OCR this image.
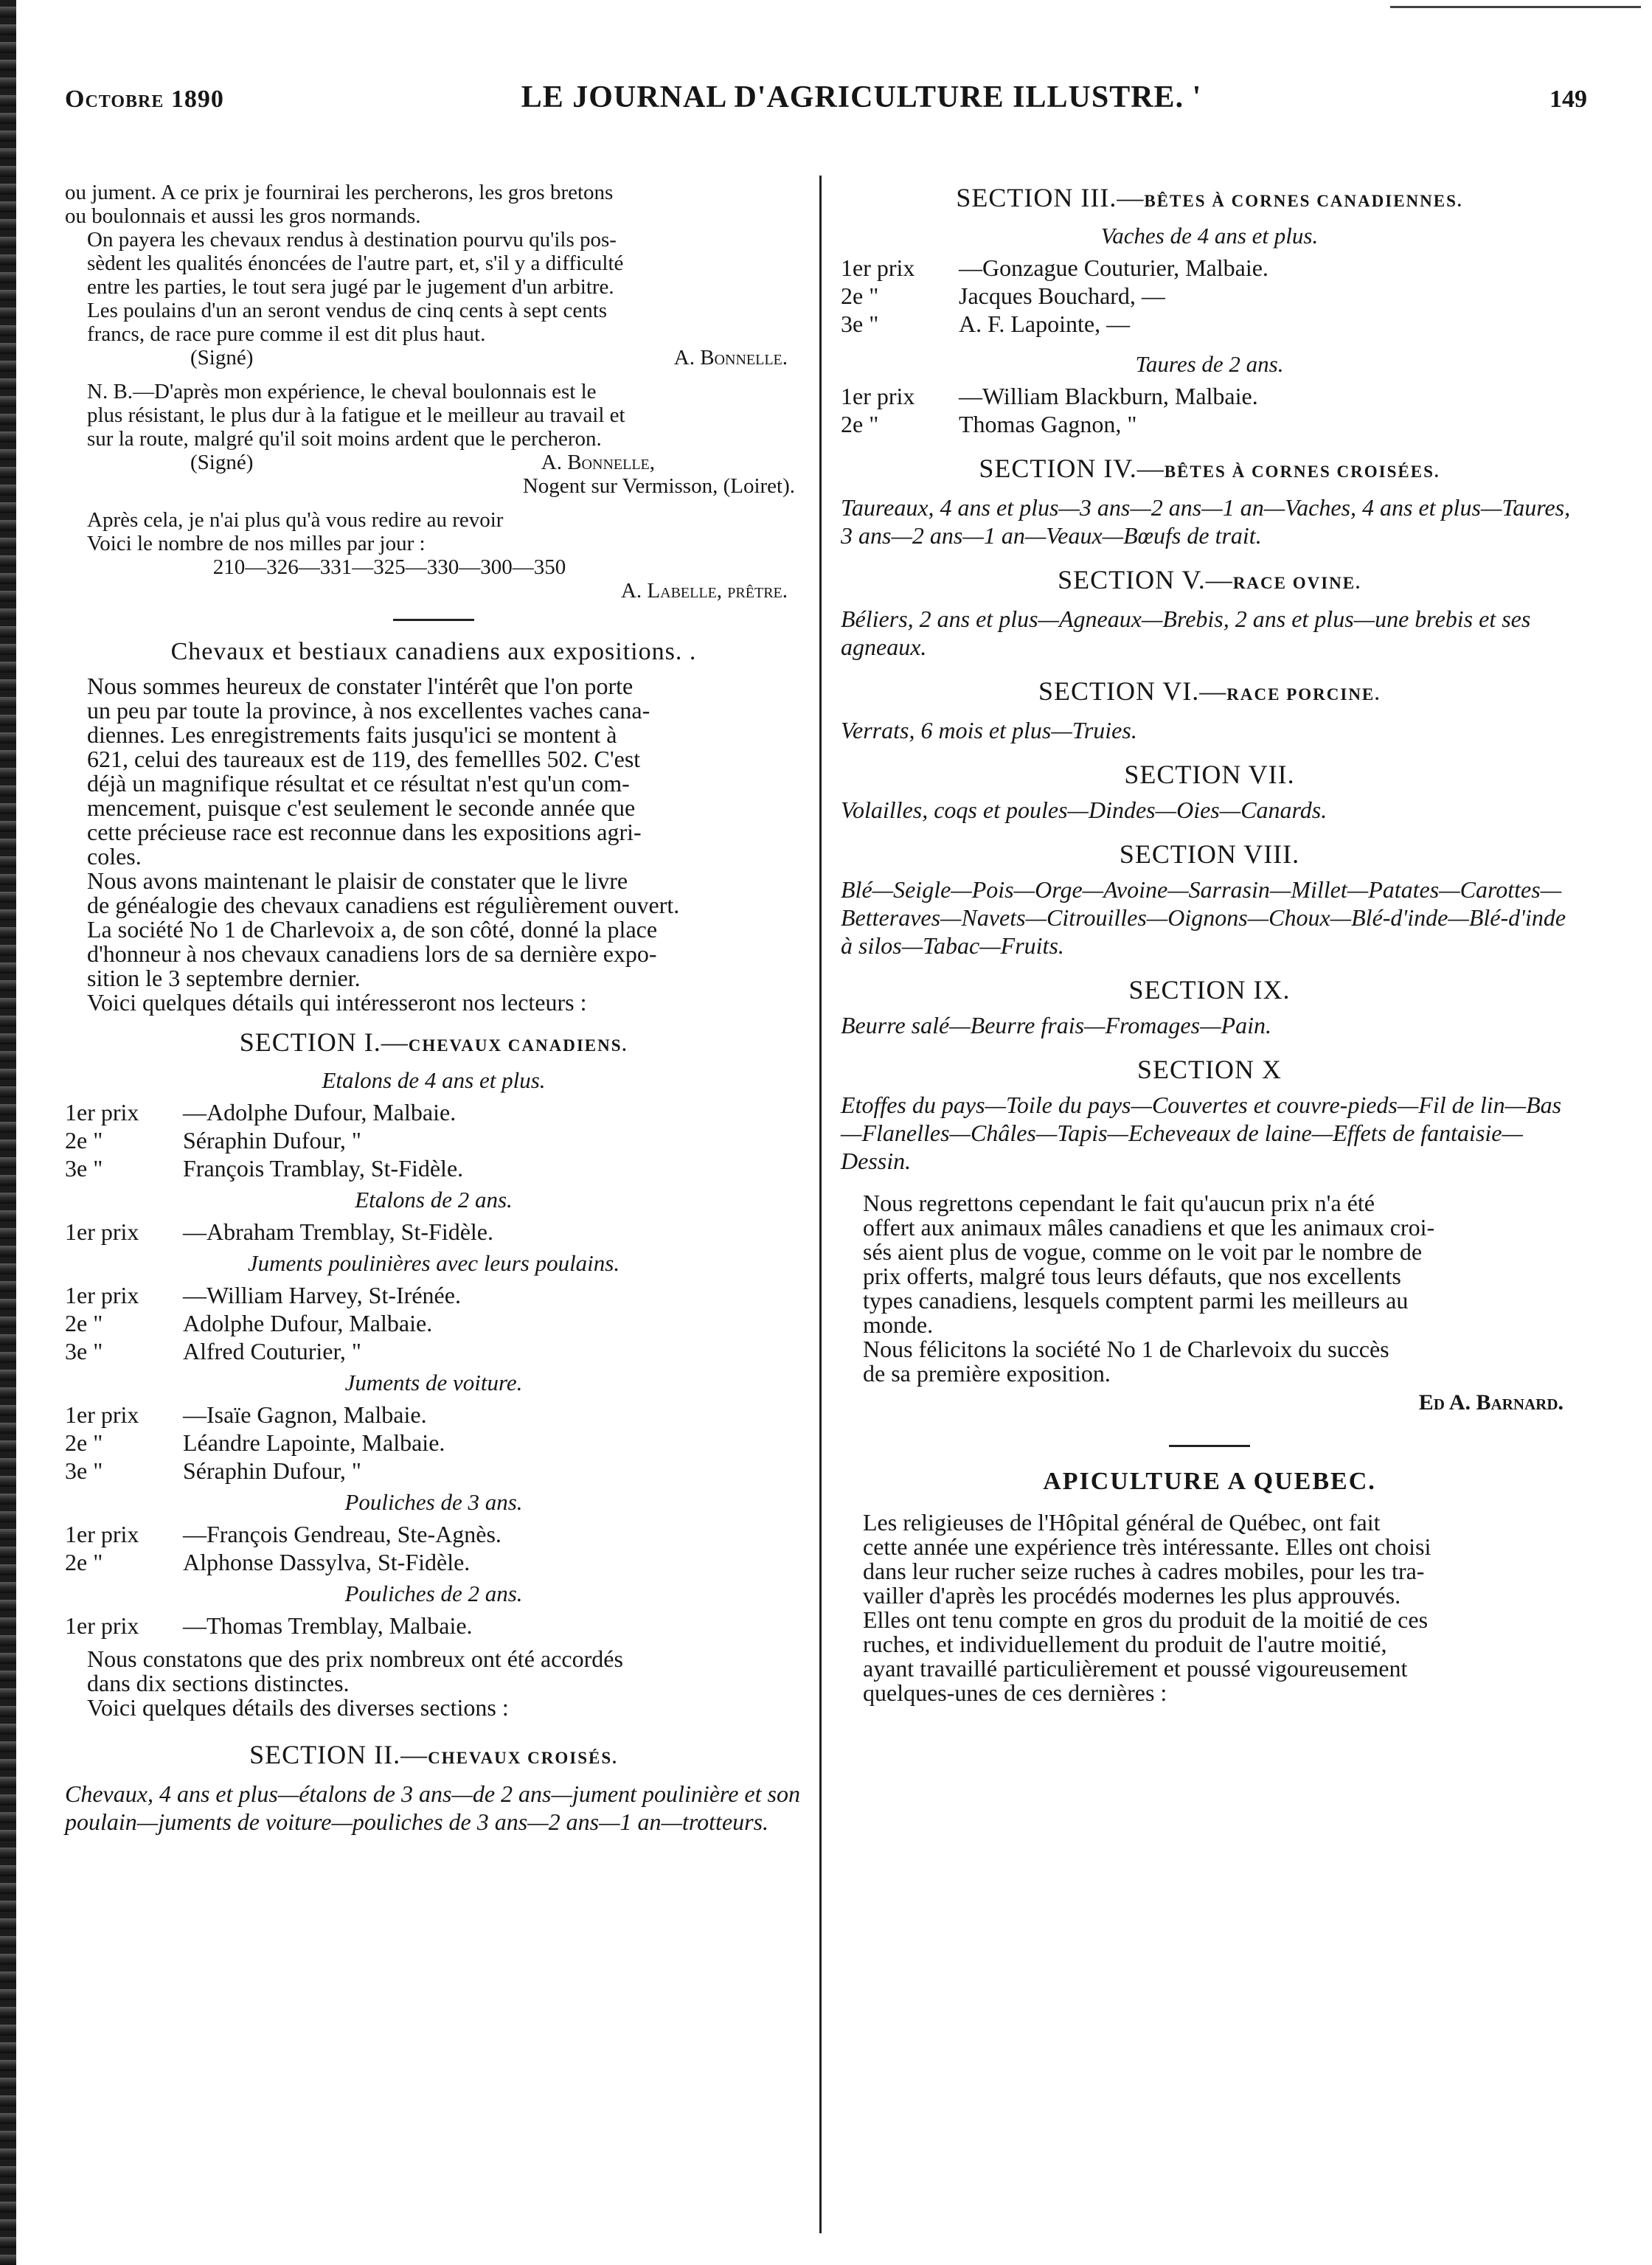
Octobre 1890	LE JOURNAL D'AGRICULTURE ILLUSTRE. '	149
ou jument. A ce prix je fournirai les percherons, les gros bretons
ou boulonnais et aussi les gros normands.
On payera les chevaux rendus à destination pourvu qu'ils pos-
sèdent les qualités énoncées de l'autre part, et, s'il y a difficulté
entre les parties, le tout sera jugé par le jugement d'un arbitre.
Les poulains d'un an seront vendus de cinq cents à sept cents
francs, de race pure comme il est dit plus haut.
(Signé)	A. Bonnelle.
N. B.—D'après mon expérience, le cheval boulonnais est le
plus résistant, le plus dur à la fatigue et le meilleur au travail et
sur la route, malgré qu'il soit moins ardent que le percheron.
(Signé)	A. Bonnelle,
Nogent sur Vermisson, (Loiret).
Après cela, je n'ai plus qu'à vous redire au revoir
Voici le nombre de nos milles par jour :
210—326—331—325—330—300—350
A. Labelle, prêtre.
Chevaux et bestiaux canadiens aux expositions. .
Nous sommes heureux de constater l'intérêt que l'on porte
un peu par toute la province, à nos excellentes vaches cana-
diennes. Les enregistrements faits jusqu'ici se montent à
621, celui des taureaux est de 119, des femellles 502. C'est
déjà un magnifique résultat et ce résultat n'est qu'un com-
mencement, puisque c'est seulement le seconde année que
cette précieuse race est reconnue dans les expositions agri-
coles.
Nous avons maintenant le plaisir de constater que le livre
de généalogie des chevaux canadiens est régulièrement ouvert.
La société No 1 de Charlevoix a, de son côté, donné la place
d'honneur à nos chevaux canadiens lors de sa dernière expo-
sition le 3 septembre dernier.
Voici quelques détails qui intéresseront nos lecteurs :
SECTION I.—CHEVAUX CANADIENS.
Etalons de 4 ans et plus.
1er prix	—Adolphe Dufour, Malbaie.
2e "	Séraphin Dufour, "
3e "	François Tramblay, St-Fidèle.
Etalons de 2 ans.
1er prix	—Abraham Tremblay, St-Fidèle.
Juments poulinières avec leurs poulains.
1er prix	—William Harvey, St-Irénée.
2e "	Adolphe Dufour, Malbaie.
3e "	Alfred Couturier, "
Juments de voiture.
1er prix	—Isaïe Gagnon, Malbaie.
2e "	Léandre Lapointe, Malbaie.
3e "	Séraphin Dufour, "
Pouliches de 3 ans.
1er prix	—François Gendreau, Ste-Agnès.
2e "	Alphonse Dassylva, St-Fidèle.
Pouliches de 2 ans.
1er prix	—Thomas Tremblay, Malbaie.
Nous constatons que des prix nombreux ont été accordés
dans dix sections distinctes.
Voici quelques détails des diverses sections :
SECTION II.—CHEVAUX CROISÉS.
Chevaux, 4 ans et plus—étalons de 3 ans—de 2 ans—jument poulinière et son poulain—juments de voiture—pouliches de 3 ans—2 ans—1 an—trotteurs.
SECTION III.—BÊTES À CORNES CANADIENNES.
Vaches de 4 ans et plus.
1er prix	—Gonzague Couturier, Malbaie.
2e "	Jacques Bouchard, —
3e "	A. F. Lapointe, —
Taures de 2 ans.
1er prix	—William Blackburn, Malbaie.
2e "	Thomas Gagnon, "
SECTION IV.—BÊTES À CORNES CROISÉES.
Taureaux, 4 ans et plus—3 ans—2 ans—1 an—Vaches, 4 ans et plus—Taures, 3 ans—2 ans—1 an—Veaux—Bœufs de trait.
SECTION V.—RACE OVINE.
Béliers, 2 ans et plus—Agneaux—Brebis, 2 ans et plus—une brebis et ses agneaux.
SECTION VI.—RACE PORCINE.
Verrats, 6 mois et plus—Truies.
SECTION VII.
Volailles, coqs et poules—Dindes—Oies—Canards.
SECTION VIII.
Blé—Seigle—Pois—Orge—Avoine—Sarrasin—Millet—Patates—Carottes—Betteraves—Navets—Citrouilles—Oignons—Choux—Blé-d'inde—Blé-d'inde à silos—Tabac—Fruits.
SECTION IX.
Beurre salé—Beurre frais—Fromages—Pain.
SECTION X
Etoffes du pays—Toile du pays—Couvertes et couvre-pieds—Fil de lin—Bas—Flanelles—Châles—Tapis—Echeveaux de laine—Effets de fantaisie—Dessin.
Nous regrettons cependant le fait qu'aucun prix n'a été
offert aux animaux mâles canadiens et que les animaux croi-
sés aient plus de vogue, comme on le voit par le nombre de
prix offerts, malgré tous leurs défauts, que nos excellents
types canadiens, lesquels comptent parmi les meilleurs au
monde.
Nous félicitons la société No 1 de Charlevoix du succès
de sa première exposition.
Ed A. Barnard.
APICULTURE A QUEBEC.
Les religieuses de l'Hôpital général de Québec, ont fait
cette année une expérience très intéressante. Elles ont choisi
dans leur rucher seize ruches à cadres mobiles, pour les tra-
vailler d'après les procédés modernes les plus approuvés.
Elles ont tenu compte en gros du produit de la moitié de ces
ruches, et individuellement du produit de l'autre moitié,
ayant travaillé particulièrement et poussé vigoureusement
quelques-unes de ces dernières :
